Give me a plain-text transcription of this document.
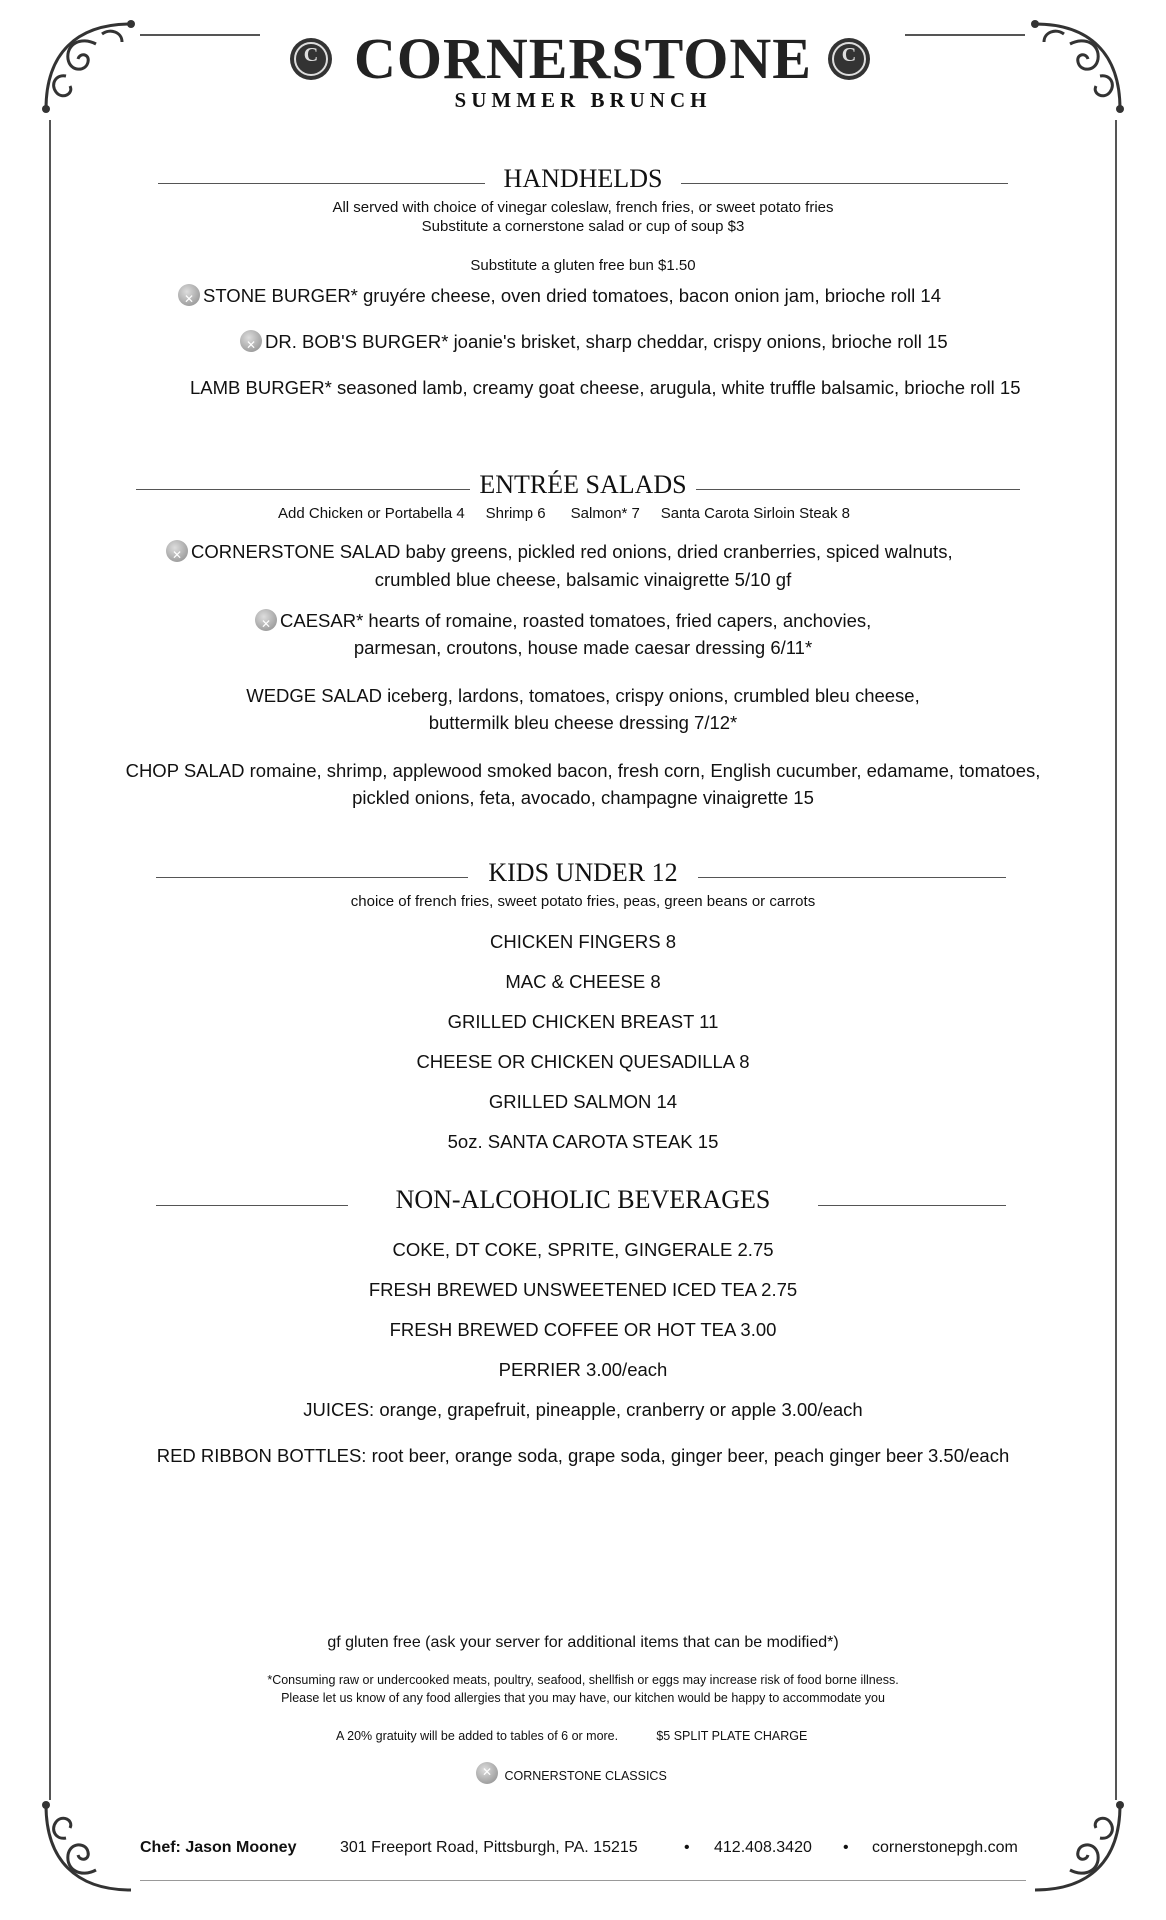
C	C
CORNERSTONE
SUMMER BRUNCH
HANDHELDS
All served with choice of vinegar coleslaw, french fries, or sweet potato fries
Substitute a cornerstone salad or cup of soup $3
Substitute a gluten free bun $1.50
✕STONE BURGER* gruyére cheese, oven dried tomatoes, bacon onion jam, brioche roll 14
✕DR. BOB'S BURGER* joanie's brisket, sharp cheddar, crispy onions, brioche roll 15
LAMB BURGER* seasoned lamb, creamy goat cheese, arugula, white truffle balsamic, brioche roll 15
ENTRÉE SALADS
Add Chicken or Portabella 4 Shrimp 6 Salmon* 7 Santa Carota Sirloin Steak 8
✕CORNERSTONE SALAD baby greens, pickled red onions, dried cranberries, spiced walnuts,
crumbled blue cheese, balsamic vinaigrette 5/10 gf
✕CAESAR* hearts of romaine, roasted tomatoes, fried capers, anchovies,
parmesan, croutons, house made caesar dressing 6/11*
WEDGE SALAD iceberg, lardons, tomatoes, crispy onions, crumbled bleu cheese,
buttermilk bleu cheese dressing 7/12*
CHOP SALAD romaine, shrimp, applewood smoked bacon, fresh corn, English cucumber, edamame, tomatoes,
pickled onions, feta, avocado, champagne vinaigrette 15
KIDS UNDER 12
choice of french fries, sweet potato fries, peas, green beans or carrots
CHICKEN FINGERS 8
MAC & CHEESE 8
GRILLED CHICKEN BREAST 11
CHEESE OR CHICKEN QUESADILLA 8
GRILLED SALMON 14
5oz. SANTA CAROTA STEAK 15
NON-ALCOHOLIC BEVERAGES
COKE, DT COKE, SPRITE, GINGERALE 2.75
FRESH BREWED UNSWEETENED ICED TEA 2.75
FRESH BREWED COFFEE OR HOT TEA 3.00
PERRIER 3.00/each
JUICES: orange, grapefruit, pineapple, cranberry or apple 3.00/each
RED RIBBON BOTTLES: root beer, orange soda, grape soda, ginger beer, peach ginger beer 3.50/each
gf gluten free (ask your server for additional items that can be modified*)
*Consuming raw or undercooked meats, poultry, seafood, shellfish or eggs may increase risk of food borne illness.
Please let us know of any food allergies that you may have, our kitchen would be happy to accommodate you
A 20% gratuity will be added to tables of 6 or more.	$5 SPLIT PLATE CHARGE
✕ CORNERSTONE CLASSICS
Chef: Jason Mooney	301 Freeport Road, Pittsburgh, PA. 15215	• 412.408.3420 • cornerstonepgh.com
